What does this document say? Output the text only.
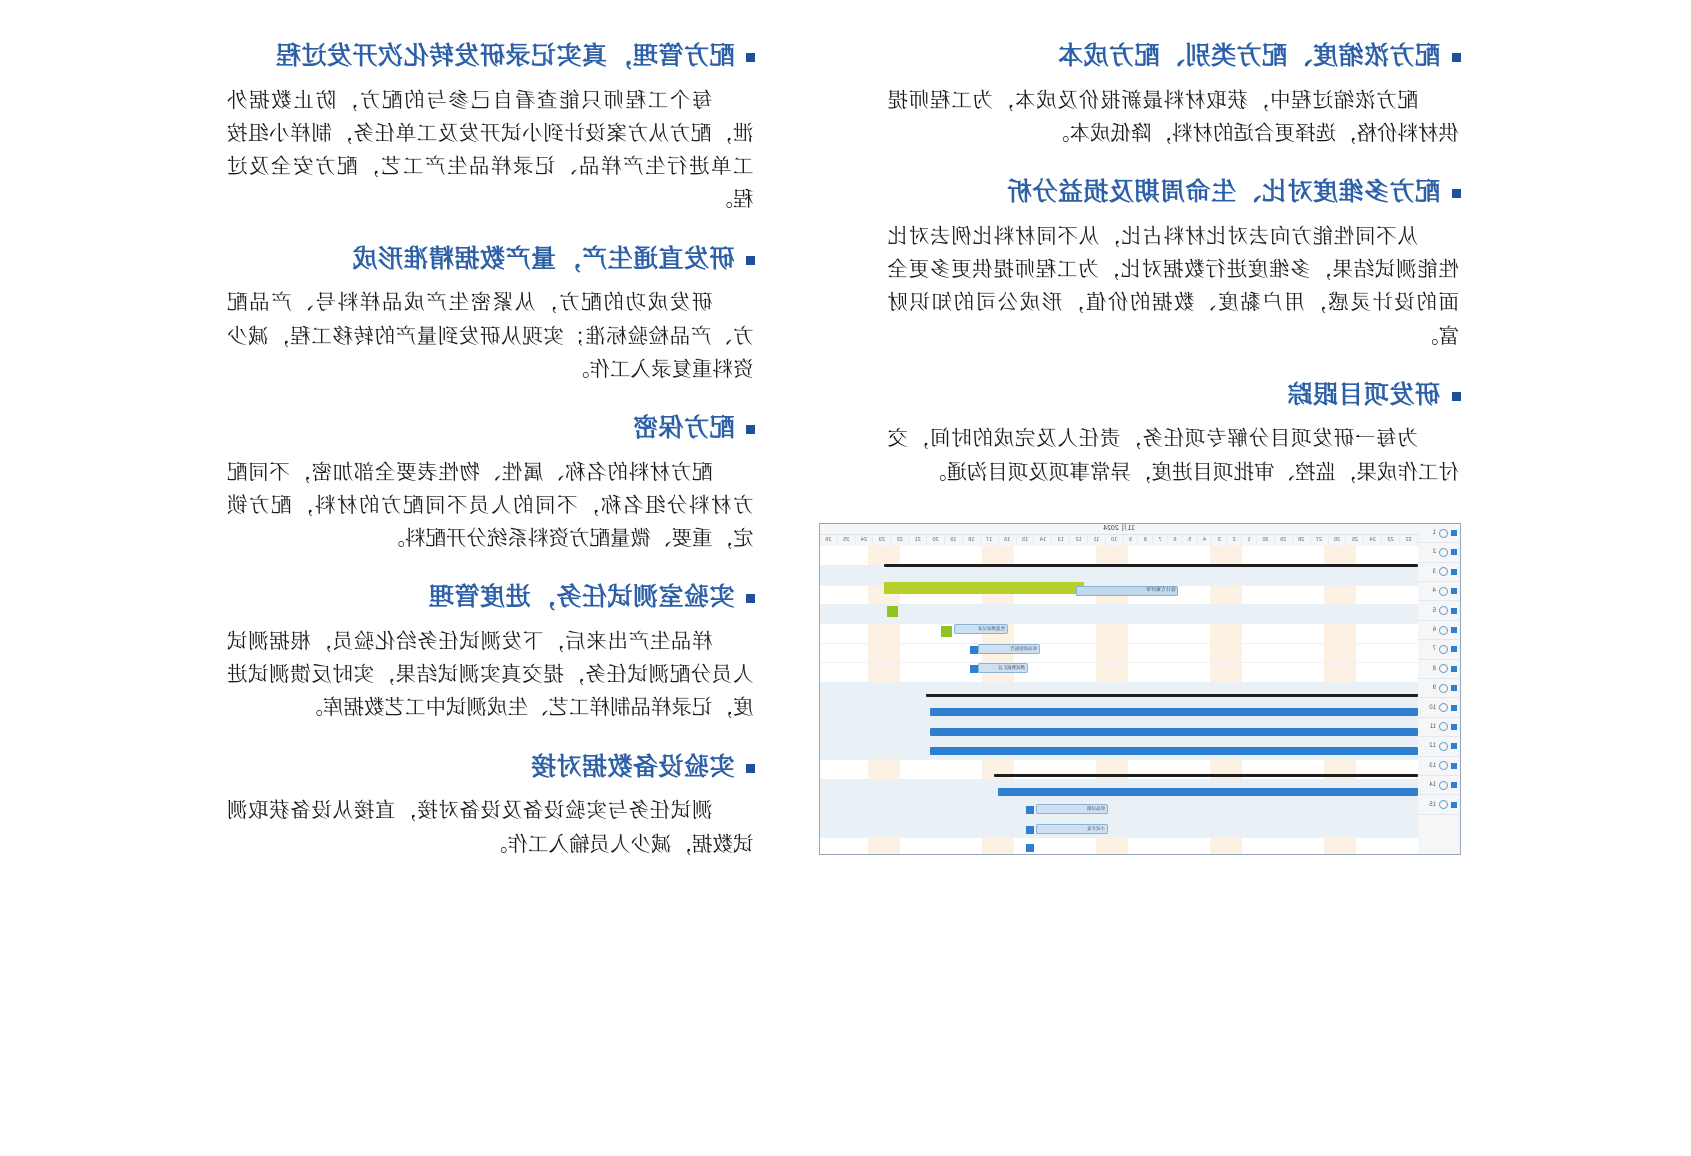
配方浓缩度、配方类别、配方成本
配方浓缩过程中，获取材料最新报价及成本，为工程师提供材料价格，选择更合适的材料，降低成本。
配方多维度对比、生命周期及损益分析
从不同性能方向去对比材料占比，从不同材料比例去对比性能测试结果，多维度进行数据对比，为工程师提供更多更全面的设计灵感，用户黏度、数据的价值，形成公司的知识财富。
研发项目跟踪
为每一研发项目分解专项任务，责任人及完成的时间，交付工作成果，监控、审批项目进度，异常事项及项目沟通。
1
2
3
4
5
6
7
8
9
10
11
12
13
14
15
11月 2024
22
23
24
25
26
27
28
29
30
1
2
3
4
5
6
7
8
9
10
11
12
13
14
15
16
17
18
19
20
21
22
23
24
25
26
设计方案评审
性能测试记录
样品检验报告
测试数据汇总
样品试制
小试开发
配方管理，真实记录研发转化次开发过程
每个工程师只能查看自己参与的配方，防止数据外泄，配方从方案设计到小试开发及工单任务，制样小组按工单进行生产样品、记录样品生产工艺，配方安全及过程。
研发直通生产，量产数据精准形成
研发成功的配方，从紧密生产成品样料号、产品配方、产品检验标准；实现从研发到量产的转移工程，减少资料重复录入工作。
配方保密
配方材料的名称、属性、物性表要全部加密，不同配方材料分组名称，不同的人员不同配方的材料，配方锁定，重要、微量配方资料系统分开配料。
实验室测试任务，进度管理
样品生产出来后，下发测试任务给化验员，根据测试人员分配测试任务，提交真实测试结果，实时反馈测试进度，记录样品制样工艺、生成测试中工艺数据库。
实验设备数据对接
测试任务与实验设备及设备对接，直接从设备获取测试数据，减少人员输入工作。
